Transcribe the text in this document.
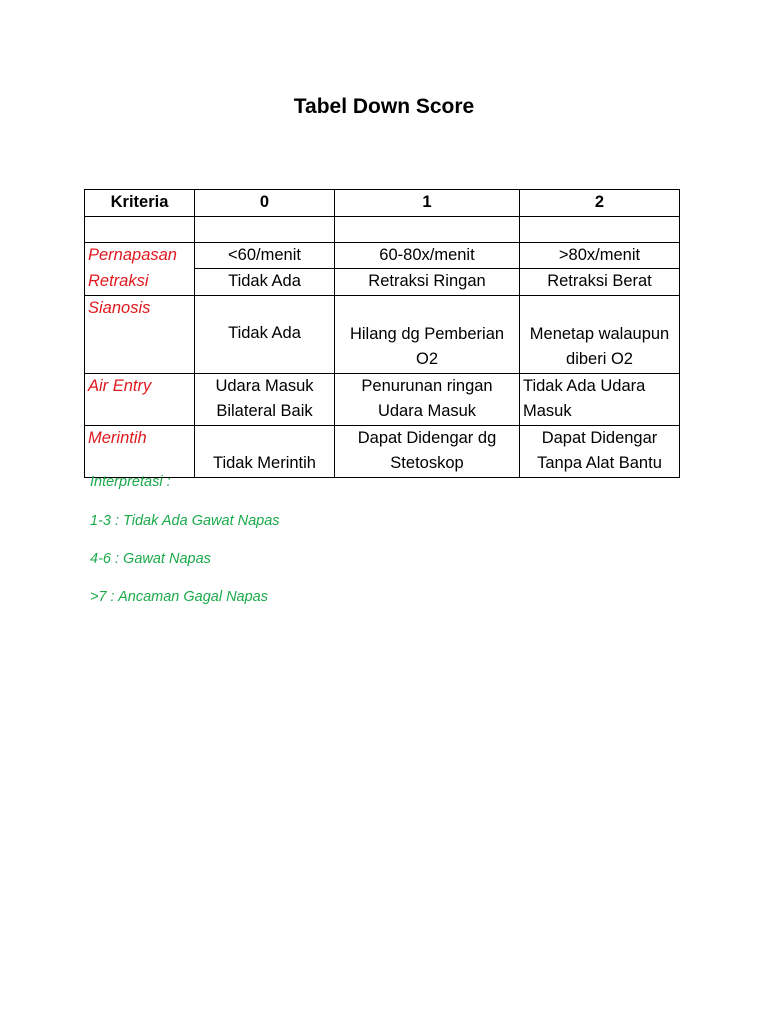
Tabel Down Score
Kriteria	0	1	2

Pernapasan	<60/menit	60-80x/menit	>80x/menit
Retraksi	Tidak Ada	Retraksi Ringan	Retraksi Berat
Sianosis	Tidak Ada	Hilang dg Pemberian O2	Menetap walaupun diberi O2
Air Entry	Udara Masuk Bilateral Baik	Penurunan ringan Udara Masuk	Tidak Ada Udara Masuk
Merintih	Tidak Merintih	Dapat Didengar dg Stetoskop	Dapat Didengar Tanpa Alat Bantu
Interpretasi :
1-3 : Tidak Ada Gawat Napas
4-6 : Gawat Napas
>7 : Ancaman Gagal Napas
